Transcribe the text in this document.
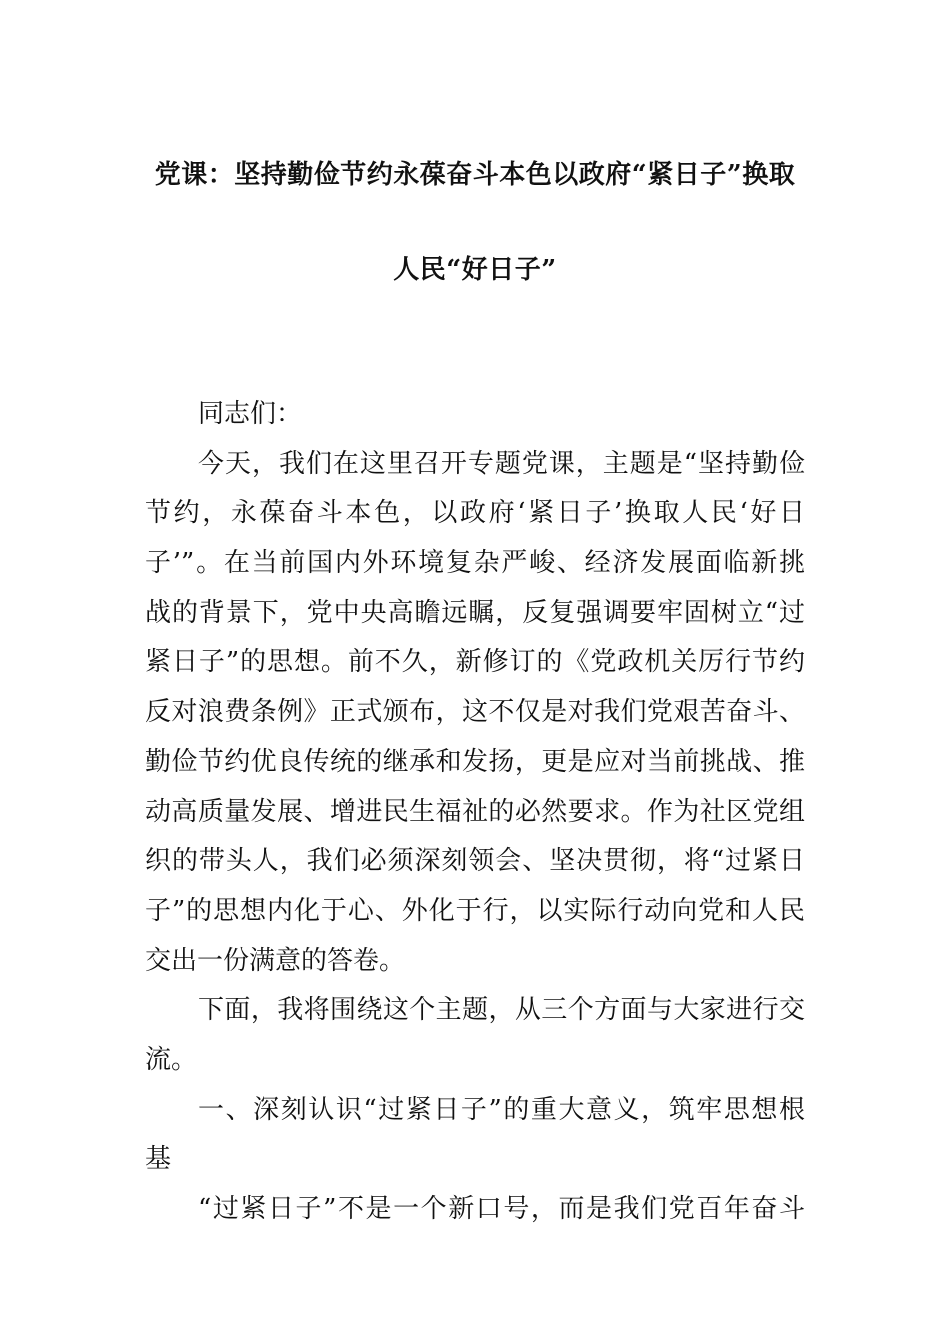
党课：坚持勤俭节约永葆奋斗本色以政府“紧日子”换取
人民“好日子”
同志们：
今天，我们在这里召开专题党课，主题是“坚持勤俭
节约，永葆奋斗本色，以政府‘紧日子’换取人民‘好日
子’”。在当前国内外环境复杂严峻、经济发展面临新挑
战的背景下，党中央高瞻远瞩，反复强调要牢固树立“过
紧日子”的思想。前不久，新修订的《党政机关厉行节约
反对浪费条例》正式颁布，这不仅是对我们党艰苦奋斗、
勤俭节约优良传统的继承和发扬，更是应对当前挑战、推
动高质量发展、增进民生福祉的必然要求。作为社区党组
织的带头人，我们必须深刻领会、坚决贯彻，将“过紧日
子”的思想内化于心、外化于行，以实际行动向党和人民
交出一份满意的答卷。
下面，我将围绕这个主题，从三个方面与大家进行交
流。
一、深刻认识“过紧日子”的重大意义，筑牢思想根
基
“过紧日子”不是一个新口号，而是我们党百年奋斗
